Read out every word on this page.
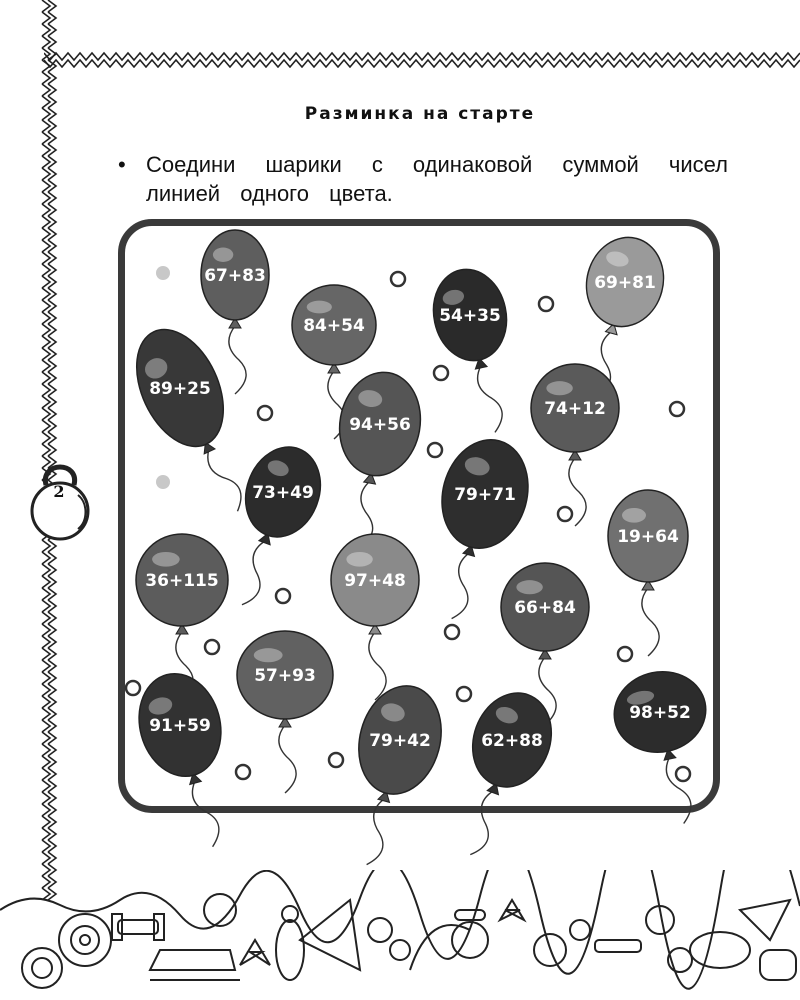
2
Разминка на старте
• Соедини шарики с одинаковой суммой чисел линией одного цвета.
67+83
84+54	54+35
69+81
89+25
94+56
74+12
73+49	79+71
19+64
36+115	97+48
66+84
57+93
91+59
79+42	62+88
98+52
